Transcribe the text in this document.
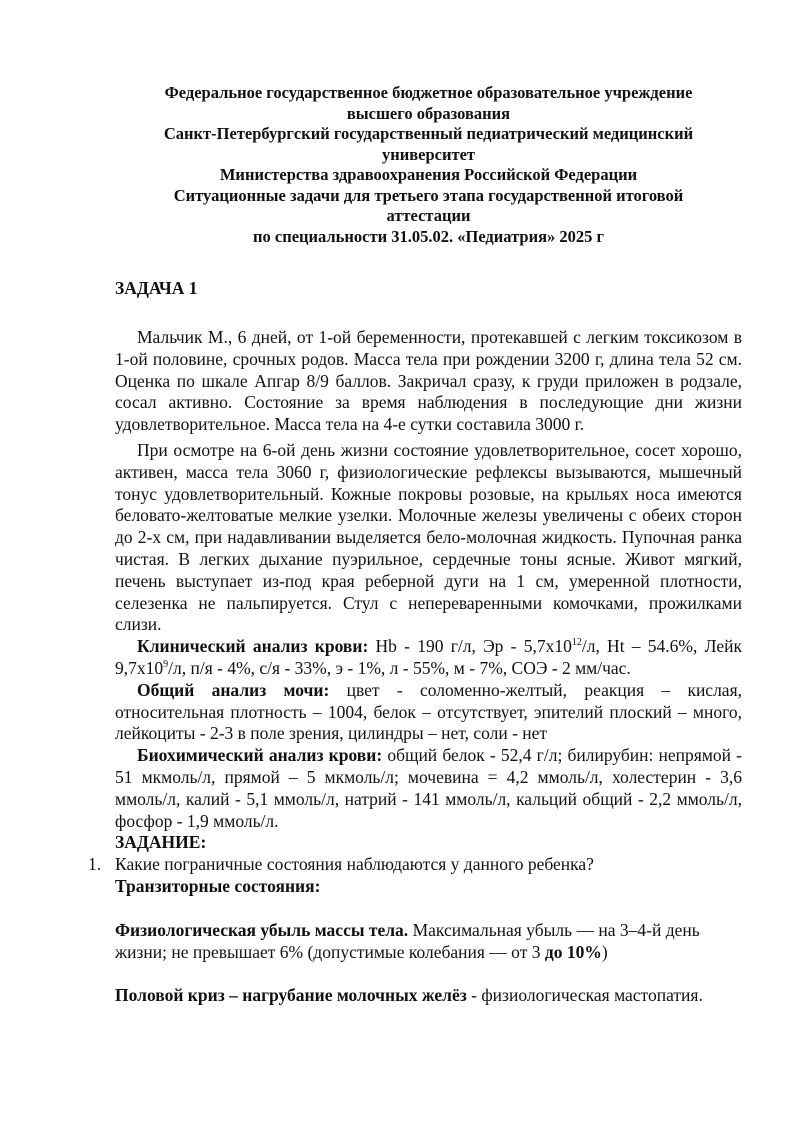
Федеральное государственное бюджетное образовательное учреждение
высшего образования
Санкт-Петербургский государственный педиатрический медицинский
университет
Министерства здравоохранения Российской Федерации
Ситуационные задачи для третьего этапа государственной итоговой
аттестации
по специальности 31.05.02. «Педиатрия» 2025 г
ЗАДАЧА 1

Мальчик М., 6 дней, от 1-ой беременности, протекавшей с легким токсикозом в 1-ой половине, срочных родов. Масса тела при рождении 3200 г, длина тела 52 см. Оценка по шкале Апгар 8/9 баллов. Закричал сразу, к груди приложен в родзале, сосал активно. Состояние за время наблюдения в последующие дни жизни удовлетворительное. Масса тела на 4-е сутки составила 3000 г.

При осмотре на 6-ой день жизни состояние удовлетворительное, сосет хорошо, активен, масса тела 3060 г, физиологические рефлексы вызываются, мышечный тонус удовлетворительный. Кожные покровы розовые, на крыльях носа имеются беловато-желтоватые мелкие узелки. Молочные железы увеличены с обеих сторон до 2-х см, при надавливании выделяется бело-молочная жидкость. Пупочная ранка чистая. В легких дыхание пуэрильное, сердечные тоны ясные. Живот мягкий, печень выступает из-под края реберной дуги на 1 см, умеренной плотности, селезенка не пальпируется. Стул с непереваренными комочками, прожилками слизи.

Клинический анализ крови: Hb - 190 г/л, Эр - $5,7x10^{12}/л$, Ht – 54.6%, Лейк $9,7x10^9/л$, п/я - 4%, с/я - 33%, э - 1%, л - 55%, м - 7%, СОЭ - 2 мм/час.

Общий анализ мочи: цвет - соломенно-желтый, реакция – кислая, относительная плотность – 1004, белок – отсутствует, эпителий плоский – много, лейкоциты - 2-3 в поле зрения, цилиндры – нет, соли - нет

Биохимический анализ крови: общий белок - 52,4 г/л; билирубин: непрямой - 51 мкмоль/л, прямой – 5 мкмоль/л; мочевина = 4,2 ммоль/л, холестерин - 3,6 ммоль/л, калий - 5,1 ммоль/л, натрий - 141 ммоль/л, кальций общий - 2,2 ммоль/л, фосфор - 1,9 ммоль/л.

ЗАДАНИЕ:
1. Какие пограничные состояния наблюдаются у данного ребенка?

Транзиторные состояния:

Физиологическая убыль массы тела. Максимальная убыль — на 3–4-й день жизни; не превышает 6% (допустимые колебания — от 3 до 10%)

Половой криз – нагрубание молочных желёз - физиологическая мастопатия.
